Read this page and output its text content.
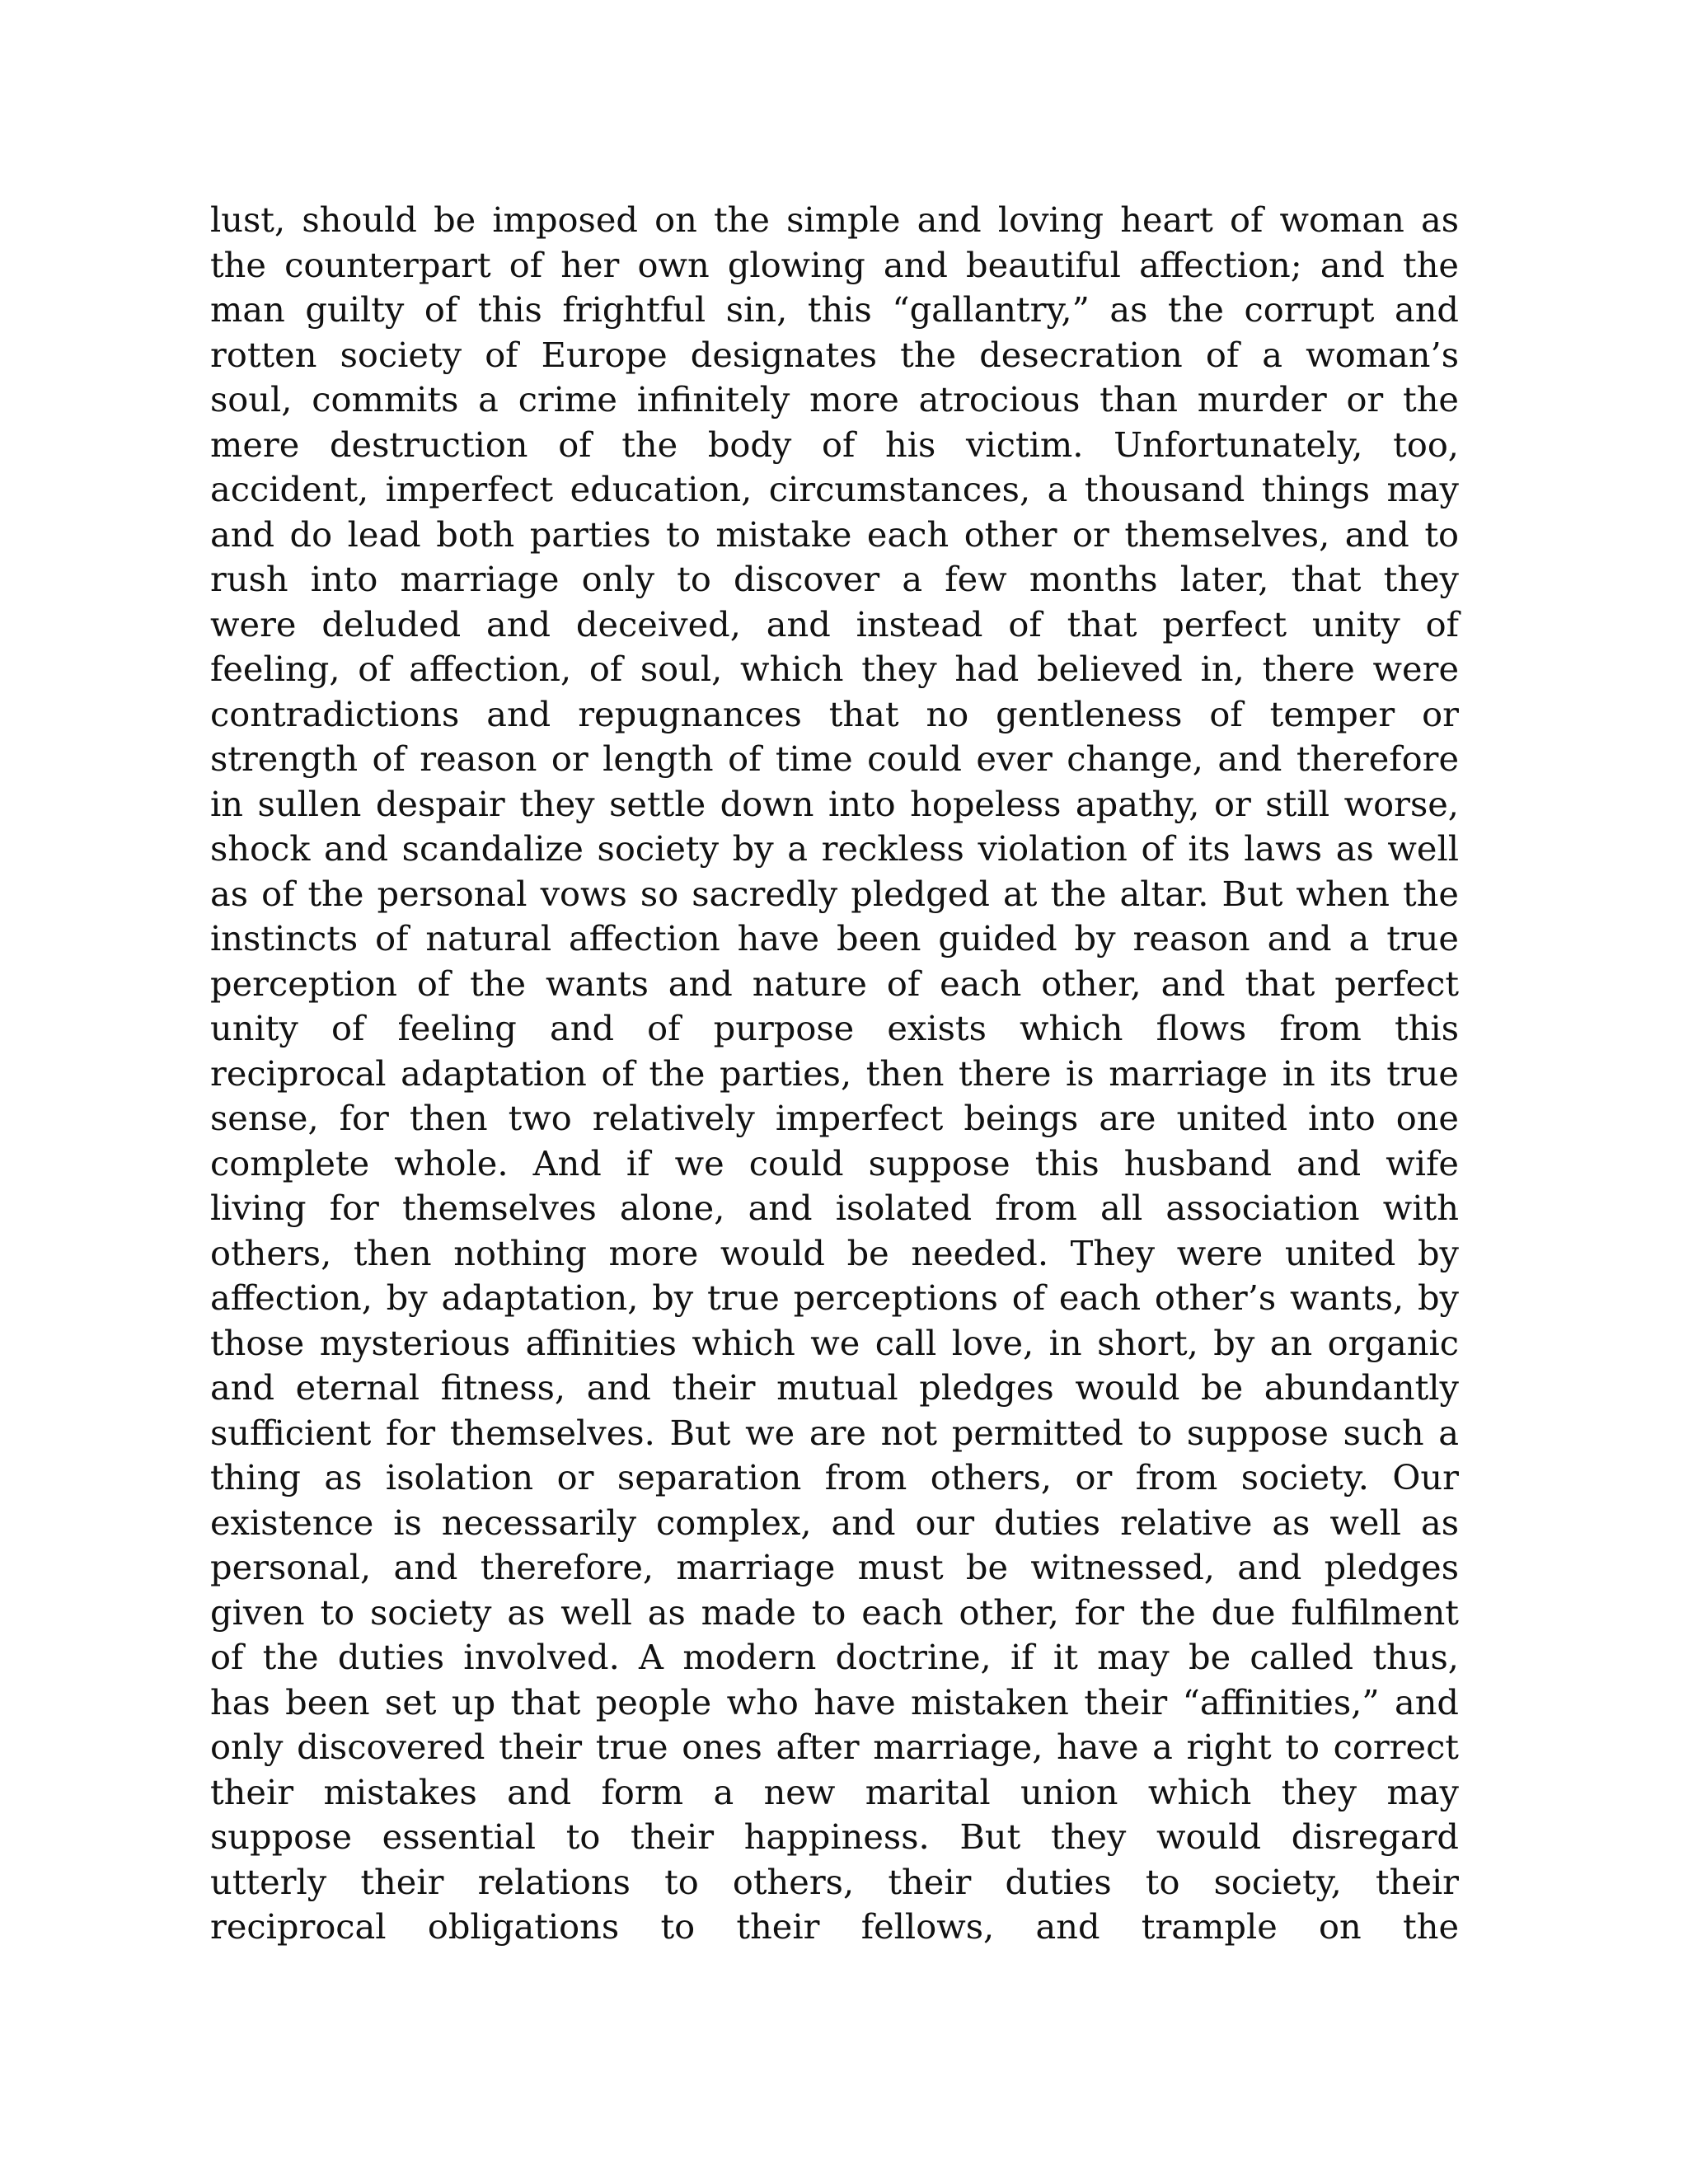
lust, should be imposed on the simple and loving heart of woman as
the counterpart of her own glowing and beautiful affection; and the
man guilty of this frightful sin, this “gallantry,” as the corrupt and
rotten society of Europe designates the desecration of a woman’s
soul, commits a crime infinitely more atrocious than murder or the
mere destruction of the body of his victim. Unfortunately, too,
accident, imperfect education, circumstances, a thousand things may
and do lead both parties to mistake each other or themselves, and to
rush into marriage only to discover a few months later, that they
were deluded and deceived, and instead of that perfect unity of
feeling, of affection, of soul, which they had believed in, there were
contradictions and repugnances that no gentleness of temper or
strength of reason or length of time could ever change, and therefore
in sullen despair they settle down into hopeless apathy, or still worse,
shock and scandalize society by a reckless violation of its laws as well
as of the personal vows so sacredly pledged at the altar. But when the
instincts of natural affection have been guided by reason and a true
perception of the wants and nature of each other, and that perfect
unity of feeling and of purpose exists which flows from this
reciprocal adaptation of the parties, then there is marriage in its true
sense, for then two relatively imperfect beings are united into one
complete whole. And if we could suppose this husband and wife
living for themselves alone, and isolated from all association with
others, then nothing more would be needed. They were united by
affection, by adaptation, by true perceptions of each other’s wants, by
those mysterious affinities which we call love, in short, by an organic
and eternal fitness, and their mutual pledges would be abundantly
sufficient for themselves. But we are not permitted to suppose such a
thing as isolation or separation from others, or from society. Our
existence is necessarily complex, and our duties relative as well as
personal, and therefore, marriage must be witnessed, and pledges
given to society as well as made to each other, for the due fulfilment
of the duties involved. A modern doctrine, if it may be called thus,
has been set up that people who have mistaken their “affinities,” and
only discovered their true ones after marriage, have a right to correct
their mistakes and form a new marital union which they may
suppose essential to their happiness. But they would disregard
utterly their relations to others, their duties to society, their
reciprocal obligations to their fellows, and trample on the
